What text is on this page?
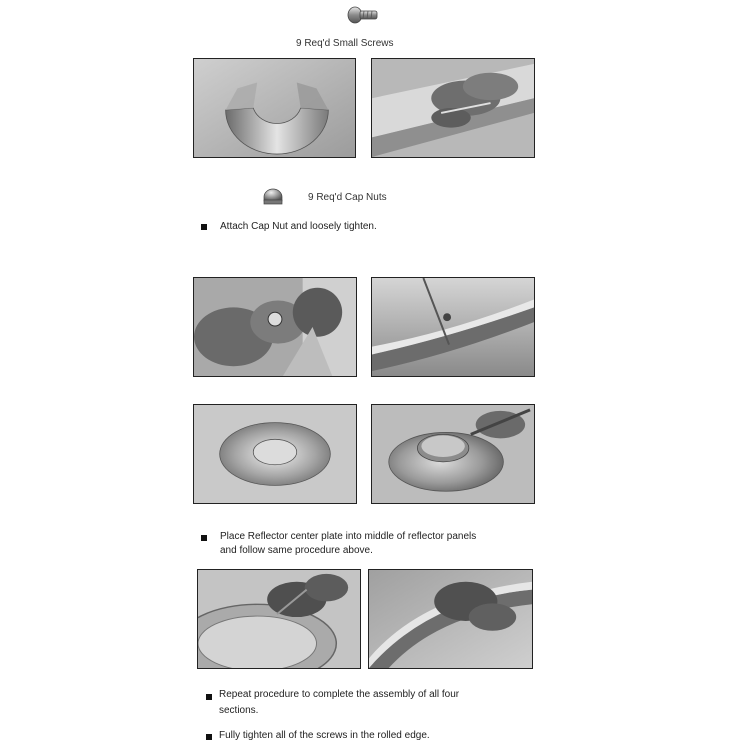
9 Req'd Small Screws
9 Req'd Cap Nuts
Attach Cap Nut and loosely tighten.
Place Reflector center plate into middle of reflector panels
and follow same procedure above.
Repeat procedure to complete the assembly of all four
sections.
Fully tighten all of the screws in the rolled edge.
